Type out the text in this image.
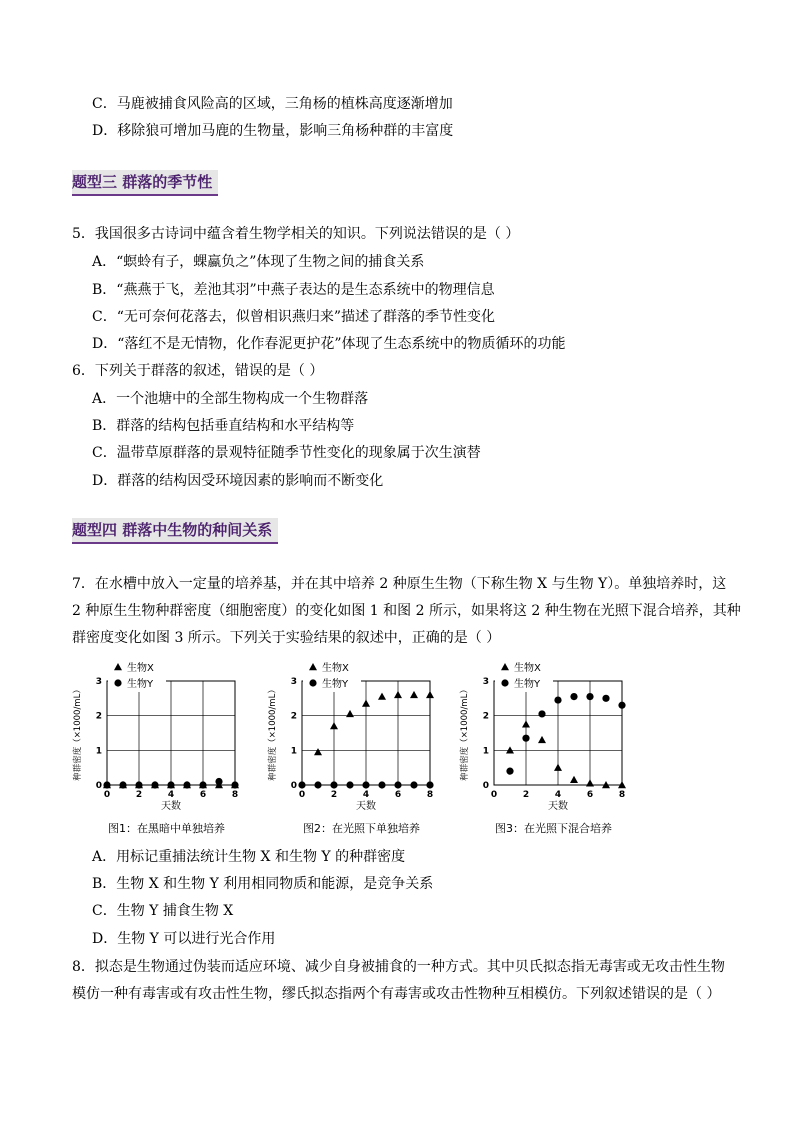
C．马鹿被捕食风险高的区域，三角杨的植株高度逐渐增加
D．移除狼可增加马鹿的生物量，影响三角杨种群的丰富度
题型三 群落的季节性
5．我国很多古诗词中蕴含着生物学相关的知识。下列说法错误的是（ ）
A．“螟蛉有子，蜾蠃负之”体现了生物之间的捕食关系
B．“燕燕于飞，差池其羽”中燕子表达的是生态系统中的物理信息
C．“无可奈何花落去，似曾相识燕归来”描述了群落的季节性变化
D．“落红不是无情物，化作春泥更护花”体现了生态系统中的物质循环的功能
6．下列关于群落的叙述，错误的是（ ）
A．一个池塘中的全部生物构成一个生物群落
B．群落的结构包括垂直结构和水平结构等
C．温带草原群落的景观特征随季节性变化的现象属于次生演替
D．群落的结构因受环境因素的影响而不断变化
题型四 群落中生物的种间关系
7．在水槽中放入一定量的培养基，并在其中培养 2 种原生生物（下称生物 X 与生物 Y）。单独培养时，这
2 种原生生物种群密度（细胞密度）的变化如图 1 和图 2 所示，如果将这 2 种生物在光照下混合培养，其种
群密度变化如图 3 所示。下列关于实验结果的叙述中，正确的是（ ）
0	2	4	6	8
0
1
2
3
天数
种群密度（×1000/mL）
生物X
生物Y
0	2	4	6	8
0
1
2
3
天数
种群密度（×1000/mL）
生物X
生物Y
0	2	4	6	8
0
1
2
3
天数
种群密度（×1000/mL）
生物X
生物Y
图1：在黑暗中单独培养	图2：在光照下单独培养	图3：在光照下混合培养
A．用标记重捕法统计生物 X 和生物 Y 的种群密度
B．生物 X 和生物 Y 利用相同物质和能源，是竞争关系
C．生物 Y 捕食生物 X
D．生物 Y 可以进行光合作用
8．拟态是生物通过伪装而适应环境、减少自身被捕食的一种方式。其中贝氏拟态指无毒害或无攻击性生物
模仿一种有毒害或有攻击性生物，缪氏拟态指两个有毒害或攻击性物种互相模仿。下列叙述错误的是（ ）
